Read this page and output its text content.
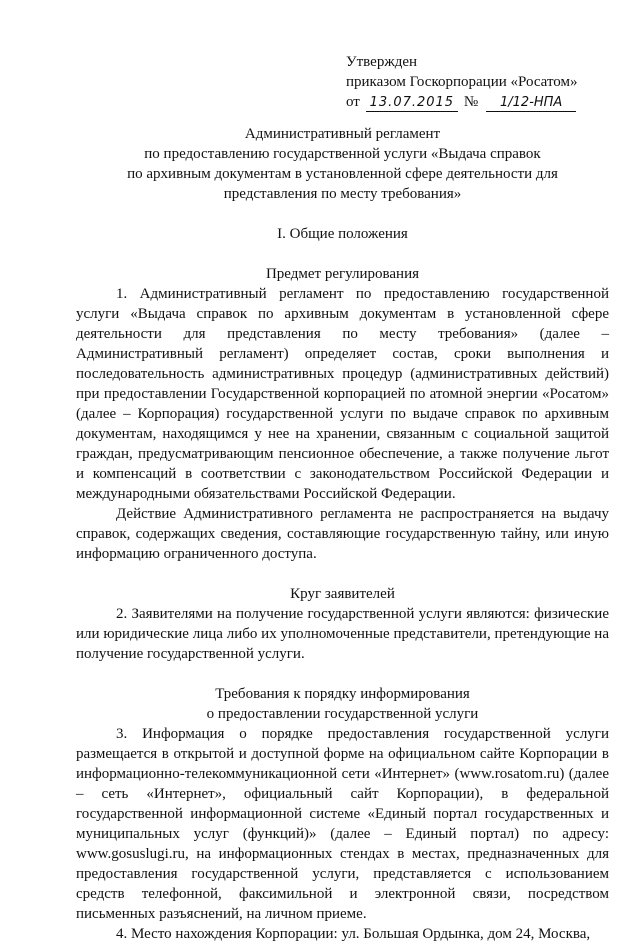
Утвержден
приказом Госкорпорации «Росатом»
от 13.07.2015 № 1/12-НПА
Административный регламент
по предоставлению государственной услуги «Выдача справок
по архивным документам в установленной сфере деятельности для
представления по месту требования»
I. Общие положения
Предмет регулирования
1. Административный регламент по предоставлению государственной услуги «Выдача справок по архивным документам в установленной сфере деятельности для представления по месту требования» (далее – Административный регламент) определяет состав, сроки выполнения и последовательность административных процедур (административных действий) при предоставлении Государственной корпорацией по атомной энергии «Росатом» (далее – Корпорация) государственной услуги по выдаче справок по архивным документам, находящимся у нее на хранении, связанным с социальной защитой граждан, предусматривающим пенсионное обеспечение, а также получение льгот и компенсаций в соответствии с законодательством Российской Федерации и международными обязательствами Российской Федерации.
Действие Административного регламента не распространяется на выдачу справок, содержащих сведения, составляющие государственную тайну, или иную информацию ограниченного доступа.
Круг заявителей
2. Заявителями на получение государственной услуги являются: физические или юридические лица либо их уполномоченные представители, претендующие на получение государственной услуги.
Требования к порядку информирования
о предоставлении государственной услуги
3. Информация о порядке предоставления государственной услуги размещается в открытой и доступной форме на официальном сайте Корпорации в информационно-телекоммуникационной сети «Интернет» (www.rosatom.ru) (далее – сеть «Интернет», официальный сайт Корпорации), в федеральной государственной информационной системе «Единый портал государственных и муниципальных услуг (функций)» (далее – Единый портал) по адресу: www.gosuslugi.ru, на информационных стендах в местах, предназначенных для предоставления государственной услуги, представляется с использованием средств телефонной, факсимильной и электронной связи, посредством письменных разъяснений, на личном приеме.
4. Место нахождения Корпорации: ул. Большая Ордынка, дом 24, Москва,
